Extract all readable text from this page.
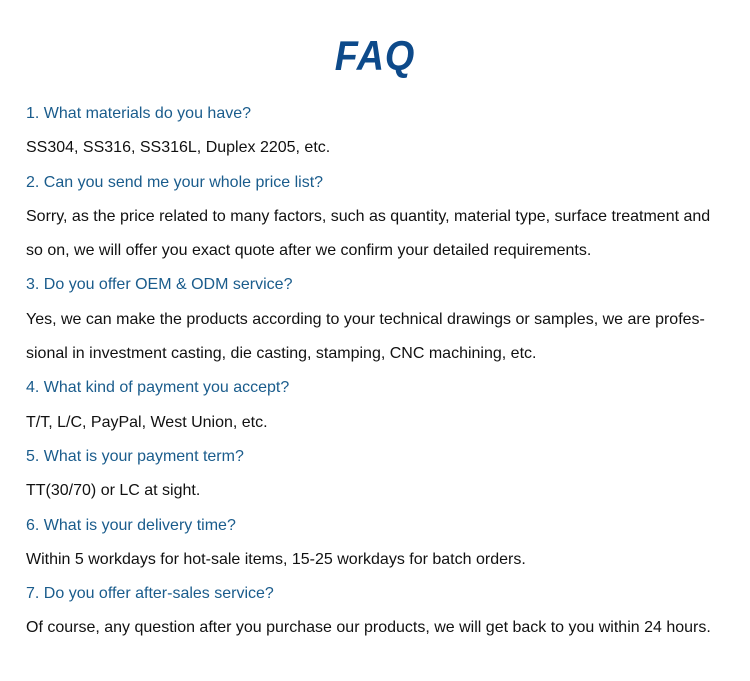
FAQ
1. What materials do you have?
SS304, SS316, SS316L, Duplex 2205, etc.
2. Can you send me your whole price list?
Sorry, as the price related to many factors, such as quantity, material type, surface treatment and
so on, we will offer you exact quote after we confirm your detailed requirements.
3. Do you offer OEM & ODM service?
Yes, we can make the products according to your technical drawings or samples, we are profes-
sional in investment casting, die casting, stamping, CNC machining, etc.
4. What kind of payment you accept?
T/T, L/C, PayPal, West Union, etc.
5. What is your payment term?
TT(30/70) or LC at sight.
6. What is your delivery time?
Within 5 workdays for hot-sale items, 15-25 workdays for batch orders.
7. Do you offer after-sales service?
Of course, any question after you purchase our products, we will get back to you within 24 hours.
